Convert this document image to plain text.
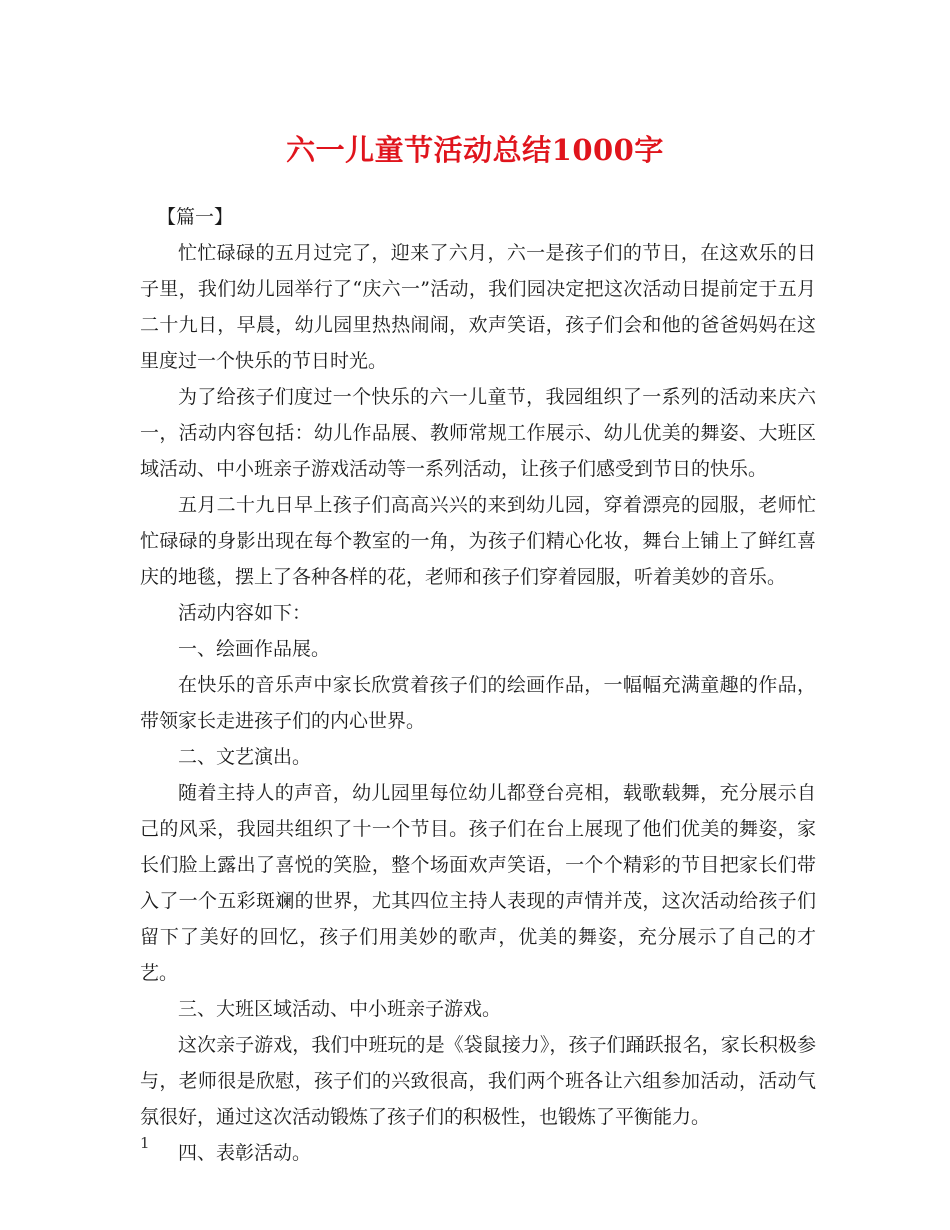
六一儿童节活动总结1000字

【篇一】

忙忙碌碌的五月过完了，迎来了六月，六一是孩子们的节日，在这欢乐的日子里，我们幼儿园举行了“庆六一”活动，我们园决定把这次活动日提前定于五月二十九日，早晨，幼儿园里热热闹闹，欢声笑语，孩子们会和他的爸爸妈妈在这里度过一个快乐的节日时光。

为了给孩子们度过一个快乐的六一儿童节，我园组织了一系列的活动来庆六一，活动内容包括：幼儿作品展、教师常规工作展示、幼儿优美的舞姿、大班区域活动、中小班亲子游戏活动等一系列活动，让孩子们感受到节日的快乐。

五月二十九日早上孩子们高高兴兴的来到幼儿园，穿着漂亮的园服，老师忙忙碌碌的身影出现在每个教室的一角，为孩子们精心化妆，舞台上铺上了鲜红喜庆的地毯，摆上了各种各样的花，老师和孩子们穿着园服，听着美妙的音乐。

活动内容如下：

一、绘画作品展。

在快乐的音乐声中家长欣赏着孩子们的绘画作品，一幅幅充满童趣的作品，带领家长走进孩子们的内心世界。

二、文艺演出。

随着主持人的声音，幼儿园里每位幼儿都登台亮相，载歌载舞，充分展示自己的风采，我园共组织了十一个节目。孩子们在台上展现了他们优美的舞姿，家长们脸上露出了喜悦的笑脸，整个场面欢声笑语，一个个精彩的节目把家长们带入了一个五彩斑斓的世界，尤其四位主持人表现的声情并茂，这次活动给孩子们留下了美好的回忆，孩子们用美妙的歌声，优美的舞姿，充分展示了自己的才艺。

三、大班区域活动、中小班亲子游戏。

这次亲子游戏，我们中班玩的是《袋鼠接力》，孩子们踊跃报名，家长积极参与，老师很是欣慰，孩子们的兴致很高，我们两个班各让六组参加活动，活动气氛很好，通过这次活动锻炼了孩子们的积极性，也锻炼了平衡能力。

四、表彰活动。

1
